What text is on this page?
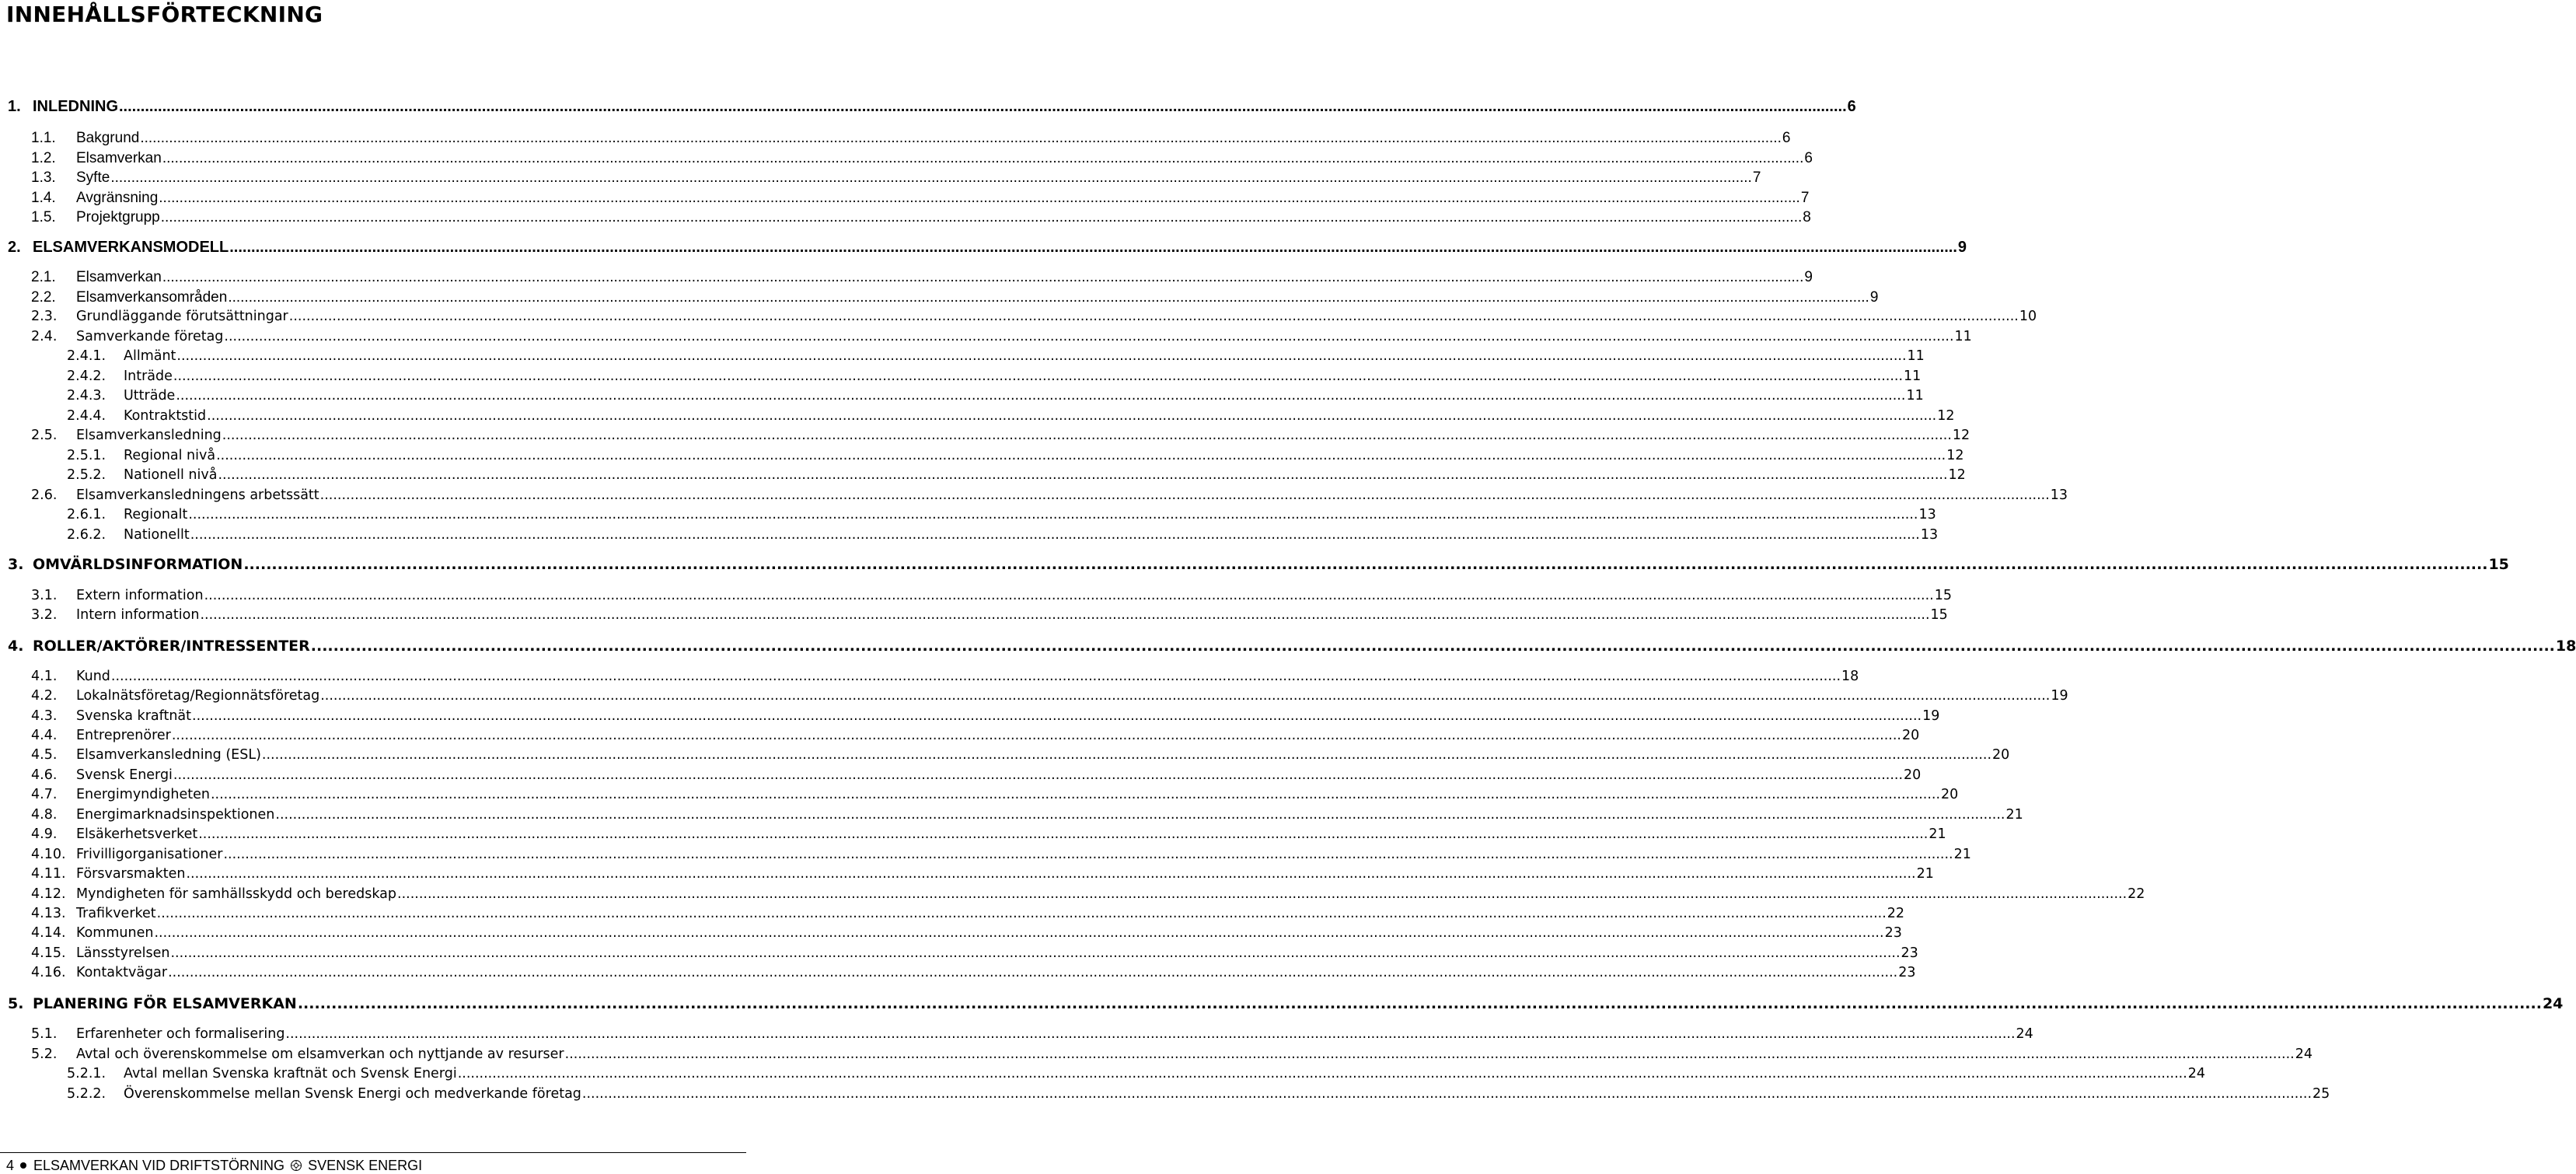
INNEHÅLLSFÖRTECKNING
1. INLEDNING ................................................................................................................................................................................................................................................................................................................................................................................................................ 6
1.1.	Bakgrund ................................................................................................................................................................................................................................................................................................................................................................................................................ 6
1.2.	Elsamverkan ................................................................................................................................................................................................................................................................................................................................................................................................................ 6
1.3.	Syfte ................................................................................................................................................................................................................................................................................................................................................................................................................ 7
1.4.	Avgränsning ................................................................................................................................................................................................................................................................................................................................................................................................................ 7
1.5.	Projektgrupp ................................................................................................................................................................................................................................................................................................................................................................................................................ 8
2. ELSAMVERKANSMODELL ................................................................................................................................................................................................................................................................................................................................................................................................................ 9
2.1.	Elsamverkan ................................................................................................................................................................................................................................................................................................................................................................................................................ 9
2.2.	Elsamverkansområden ................................................................................................................................................................................................................................................................................................................................................................................................................ 9
2.3.	Grundläggande förutsättningar ................................................................................................................................................................................................................................................................................................................................................................................................................ 10
2.4.	Samverkande företag ................................................................................................................................................................................................................................................................................................................................................................................................................ 11
2.4.1.	Allmänt ................................................................................................................................................................................................................................................................................................................................................................................................................ 11
2.4.2.	Inträde ................................................................................................................................................................................................................................................................................................................................................................................................................ 11
2.4.3.	Utträde ................................................................................................................................................................................................................................................................................................................................................................................................................ 11
2.4.4.	Kontraktstid ................................................................................................................................................................................................................................................................................................................................................................................................................ 12
2.5.	Elsamverkansledning ................................................................................................................................................................................................................................................................................................................................................................................................................ 12
2.5.1.	Regional nivå ................................................................................................................................................................................................................................................................................................................................................................................................................ 12
2.5.2.	Nationell nivå ................................................................................................................................................................................................................................................................................................................................................................................................................ 12
2.6.	Elsamverkansledningens arbetssätt ................................................................................................................................................................................................................................................................................................................................................................................................................ 13
2.6.1.	Regionalt ................................................................................................................................................................................................................................................................................................................................................................................................................ 13
2.6.2.	Nationellt ................................................................................................................................................................................................................................................................................................................................................................................................................ 13
3. OMVÄRLDSINFORMATION ................................................................................................................................................................................................................................................................................................................................................................................................................ 15
3.1.	Extern information ................................................................................................................................................................................................................................................................................................................................................................................................................ 15
3.2.	Intern information ................................................................................................................................................................................................................................................................................................................................................................................................................ 15
4. ROLLER/AKTÖRER/INTRESSENTER ................................................................................................................................................................................................................................................................................................................................................................................................................ 18
4.1.	Kund ................................................................................................................................................................................................................................................................................................................................................................................................................ 18
4.2.	Lokalnätsföretag/Regionnätsföretag ................................................................................................................................................................................................................................................................................................................................................................................................................ 19
4.3.	Svenska kraftnät ................................................................................................................................................................................................................................................................................................................................................................................................................ 19
4.4.	Entreprenörer ................................................................................................................................................................................................................................................................................................................................................................................................................ 20
4.5.	Elsamverkansledning (ESL) ................................................................................................................................................................................................................................................................................................................................................................................................................ 20
4.6.	Svensk Energi ................................................................................................................................................................................................................................................................................................................................................................................................................ 20
4.7.	Energimyndigheten ................................................................................................................................................................................................................................................................................................................................................................................................................ 20
4.8.	Energimarknadsinspektionen ................................................................................................................................................................................................................................................................................................................................................................................................................ 21
4.9.	Elsäkerhetsverket ................................................................................................................................................................................................................................................................................................................................................................................................................ 21
4.10. Frivilligorganisationer ................................................................................................................................................................................................................................................................................................................................................................................................................ 21
4.11. Försvarsmakten ................................................................................................................................................................................................................................................................................................................................................................................................................ 21
4.12. Myndigheten för samhällsskydd och beredskap ................................................................................................................................................................................................................................................................................................................................................................................................................ 22
4.13. Trafikverket ................................................................................................................................................................................................................................................................................................................................................................................................................ 22
4.14. Kommunen ................................................................................................................................................................................................................................................................................................................................................................................................................ 23
4.15. Länsstyrelsen ................................................................................................................................................................................................................................................................................................................................................................................................................ 23
4.16. Kontaktvägar ................................................................................................................................................................................................................................................................................................................................................................................................................ 23
5. PLANERING FÖR ELSAMVERKAN ................................................................................................................................................................................................................................................................................................................................................................................................................ 24
5.1.	Erfarenheter och formalisering ................................................................................................................................................................................................................................................................................................................................................................................................................ 24
5.2.	Avtal och överenskommelse om elsamverkan och nyttjande av resurser ................................................................................................................................................................................................................................................................................................................................................................................................................ 24
5.2.1.	Avtal mellan Svenska kraftnät och Svensk Energi ................................................................................................................................................................................................................................................................................................................................................................................................................ 24
5.2.2.	Överenskommelse mellan Svensk Energi och medverkande företag ................................................................................................................................................................................................................................................................................................................................................................................................................ 25
4 ELSAMVERKAN VID DRIFTSTÖRNING SVENSK ENERGI
